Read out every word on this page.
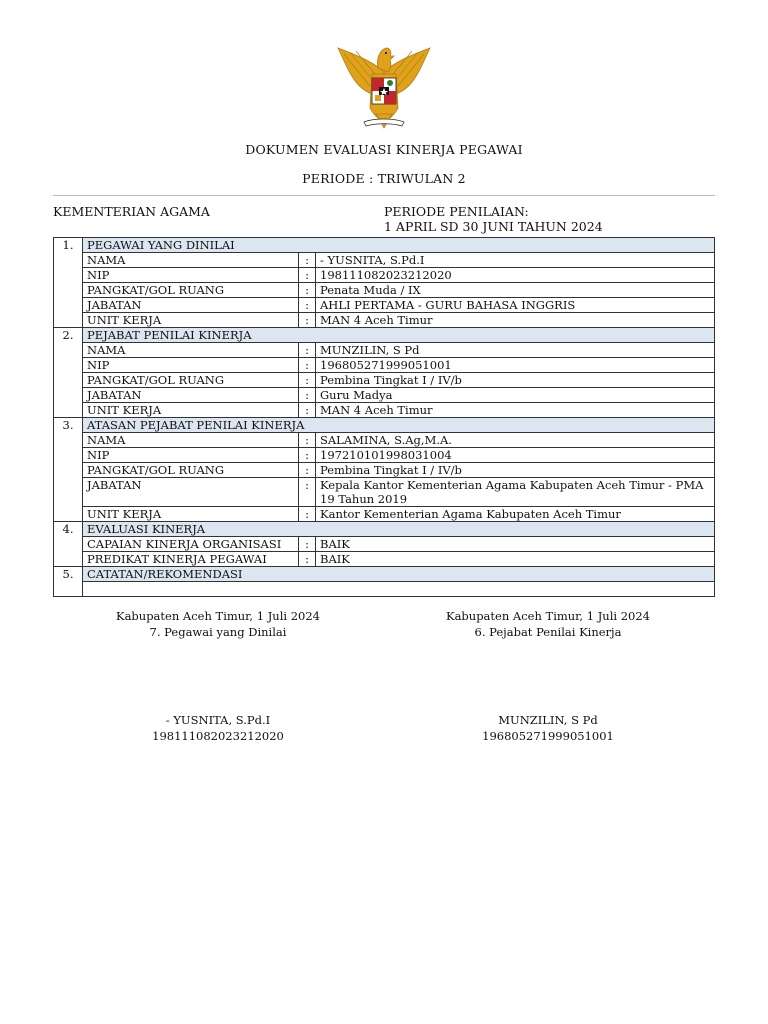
DOKUMEN EVALUASI KINERJA PEGAWAI
PERIODE : TRIWULAN 2
KEMENTERIAN AGAMA	PERIODE PENILAIAN:
1 APRIL SD 30 JUNI TAHUN 2024
1.	PEGAWAI YANG DINILAI		
	NAMA	:	- YUSNITA, S.Pd.I
	NIP	:	198111082023212020
	PANGKAT/GOL RUANG	:	Penata Muda / IX
	JABATAN	:	AHLI PERTAMA - GURU BAHASA INGGRIS
	UNIT KERJA	:	MAN 4 Aceh Timur
2.	PEJABAT PENILAI KINERJA		
	NAMA	:	MUNZILIN, S Pd
	NIP	:	196805271999051001
	PANGKAT/GOL RUANG	:	Pembina Tingkat I / IV/b
	JABATAN	:	Guru Madya
	UNIT KERJA	:	MAN 4 Aceh Timur
3.	ATASAN PEJABAT PENILAI KINERJA		
	NAMA	:	SALAMINA, S.Ag,M.A.
	NIP	:	197210101998031004
	PANGKAT/GOL RUANG	:	Pembina Tingkat I / IV/b
	JABATAN	:	Kepala Kantor Kementerian Agama Kabupaten Aceh Timur - PMA 19 Tahun 2019
	UNIT KERJA	:	Kantor Kementerian Agama Kabupaten Aceh Timur
4.	EVALUASI KINERJA		
	CAPAIAN KINERJA ORGANISASI	:	BAIK
	PREDIKAT KINERJA PEGAWAI	:	BAIK
5.	CATATAN/REKOMENDASI		

Kabupaten Aceh Timur, 1 Juli 2024
7. Pegawai yang Dinilai
Kabupaten Aceh Timur, 1 Juli 2024
6. Pejabat Penilai Kinerja
- YUSNITA, S.Pd.I
198111082023212020
MUNZILIN, S Pd
196805271999051001
